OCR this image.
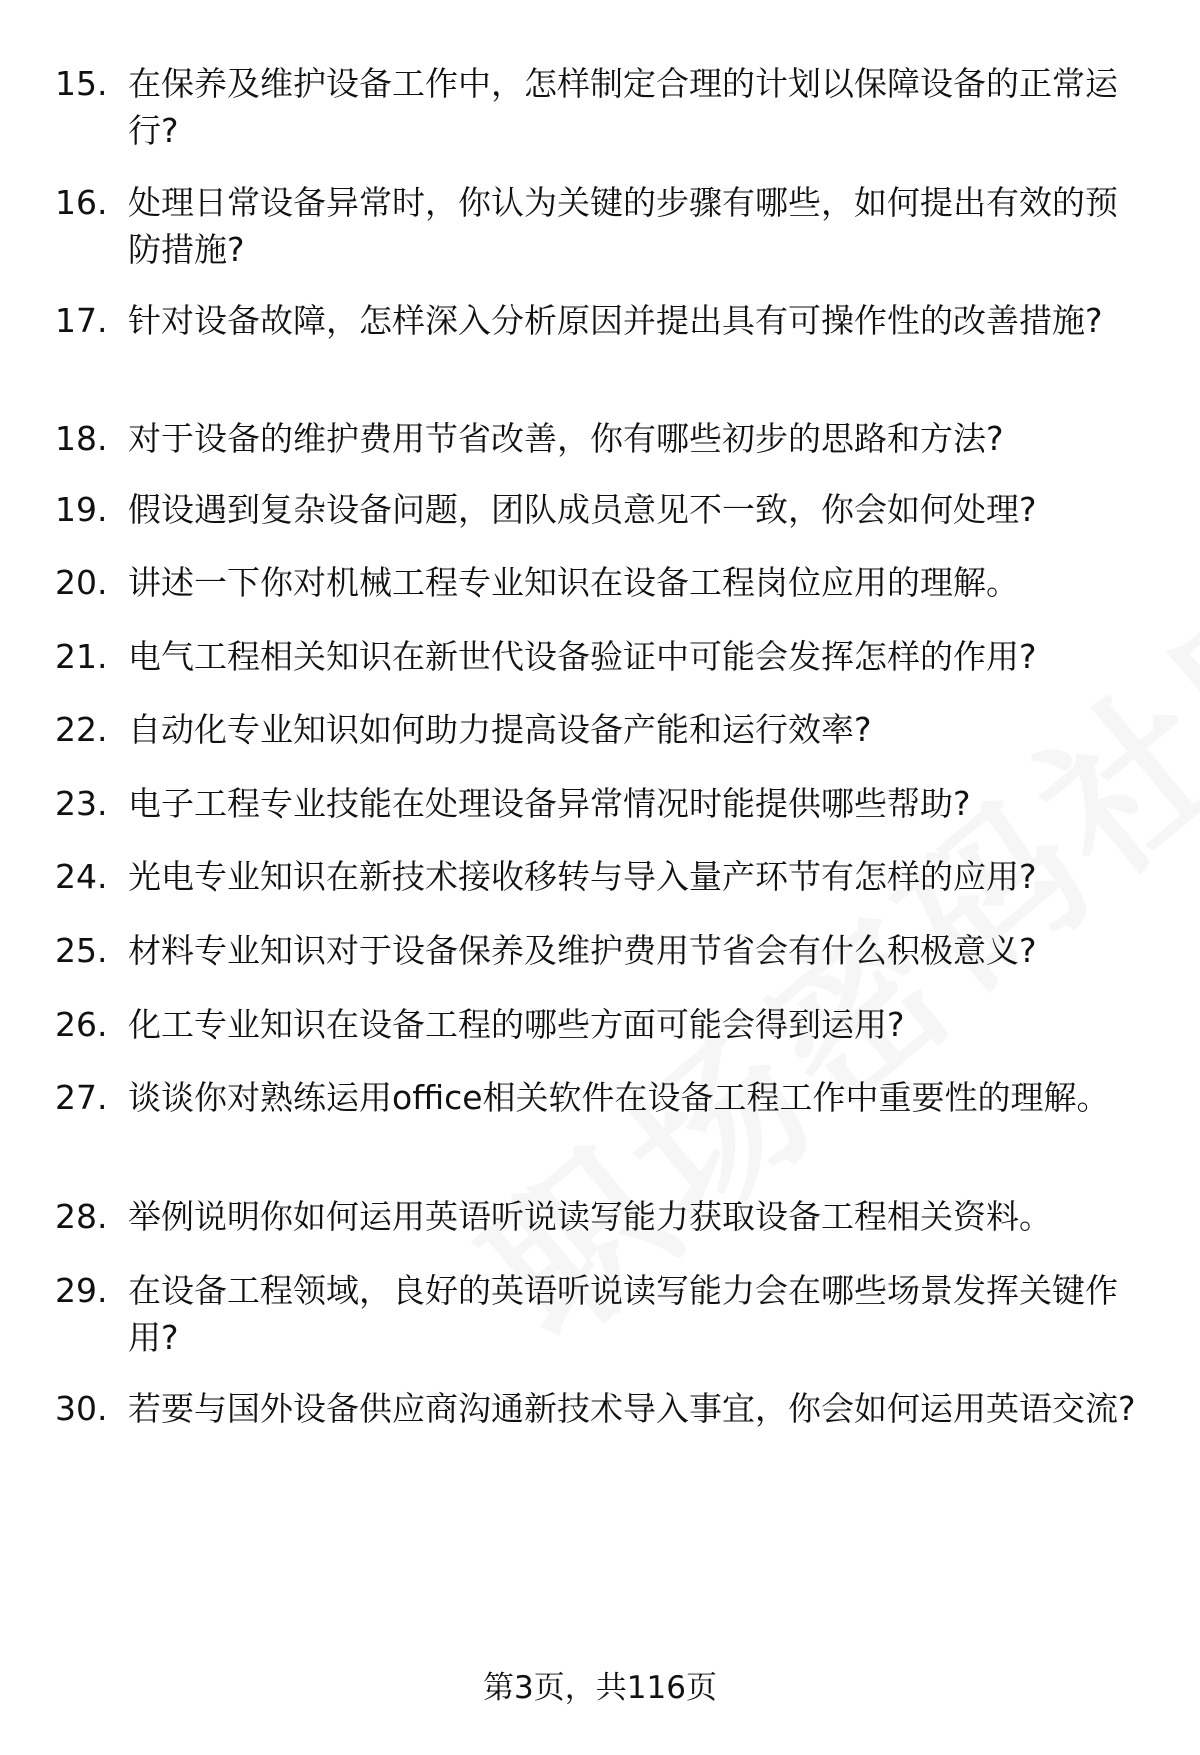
15. 在保养及维护设备工作中，怎样制定合理的计划以保障设备的正常运行?
16. 处理日常设备异常时，你认为关键的步骤有哪些，如何提出有效的预防措施?
17. 针对设备故障，怎样深入分析原因并提出具有可操作性的改善措施?
18. 对于设备的维护费用节省改善，你有哪些初步的思路和方法?
19. 假设遇到复杂设备问题，团队成员意见不一致，你会如何处理?
20. 讲述一下你对机械工程专业知识在设备工程岗位应用的理解。
21. 电气工程相关知识在新世代设备验证中可能会发挥怎样的作用?
22. 自动化专业知识如何助力提高设备产能和运行效率?
23. 电子工程专业技能在处理设备异常情况时能提供哪些帮助?
24. 光电专业知识在新技术接收移转与导入量产环节有怎样的应用?
25. 材料专业知识对于设备保养及维护费用节省会有什么积极意义?
26. 化工专业知识在设备工程的哪些方面可能会得到运用?
27. 谈谈你对熟练运用office相关软件在设备工程工作中重要性的理解。
28. 举例说明你如何运用英语听说读写能力获取设备工程相关资料。
29. 在设备工程领域，良好的英语听说读写能力会在哪些场景发挥关键作用?
30. 若要与国外设备供应商沟通新技术导入事宜，你会如何运用英语交流?
第3页，共116页
